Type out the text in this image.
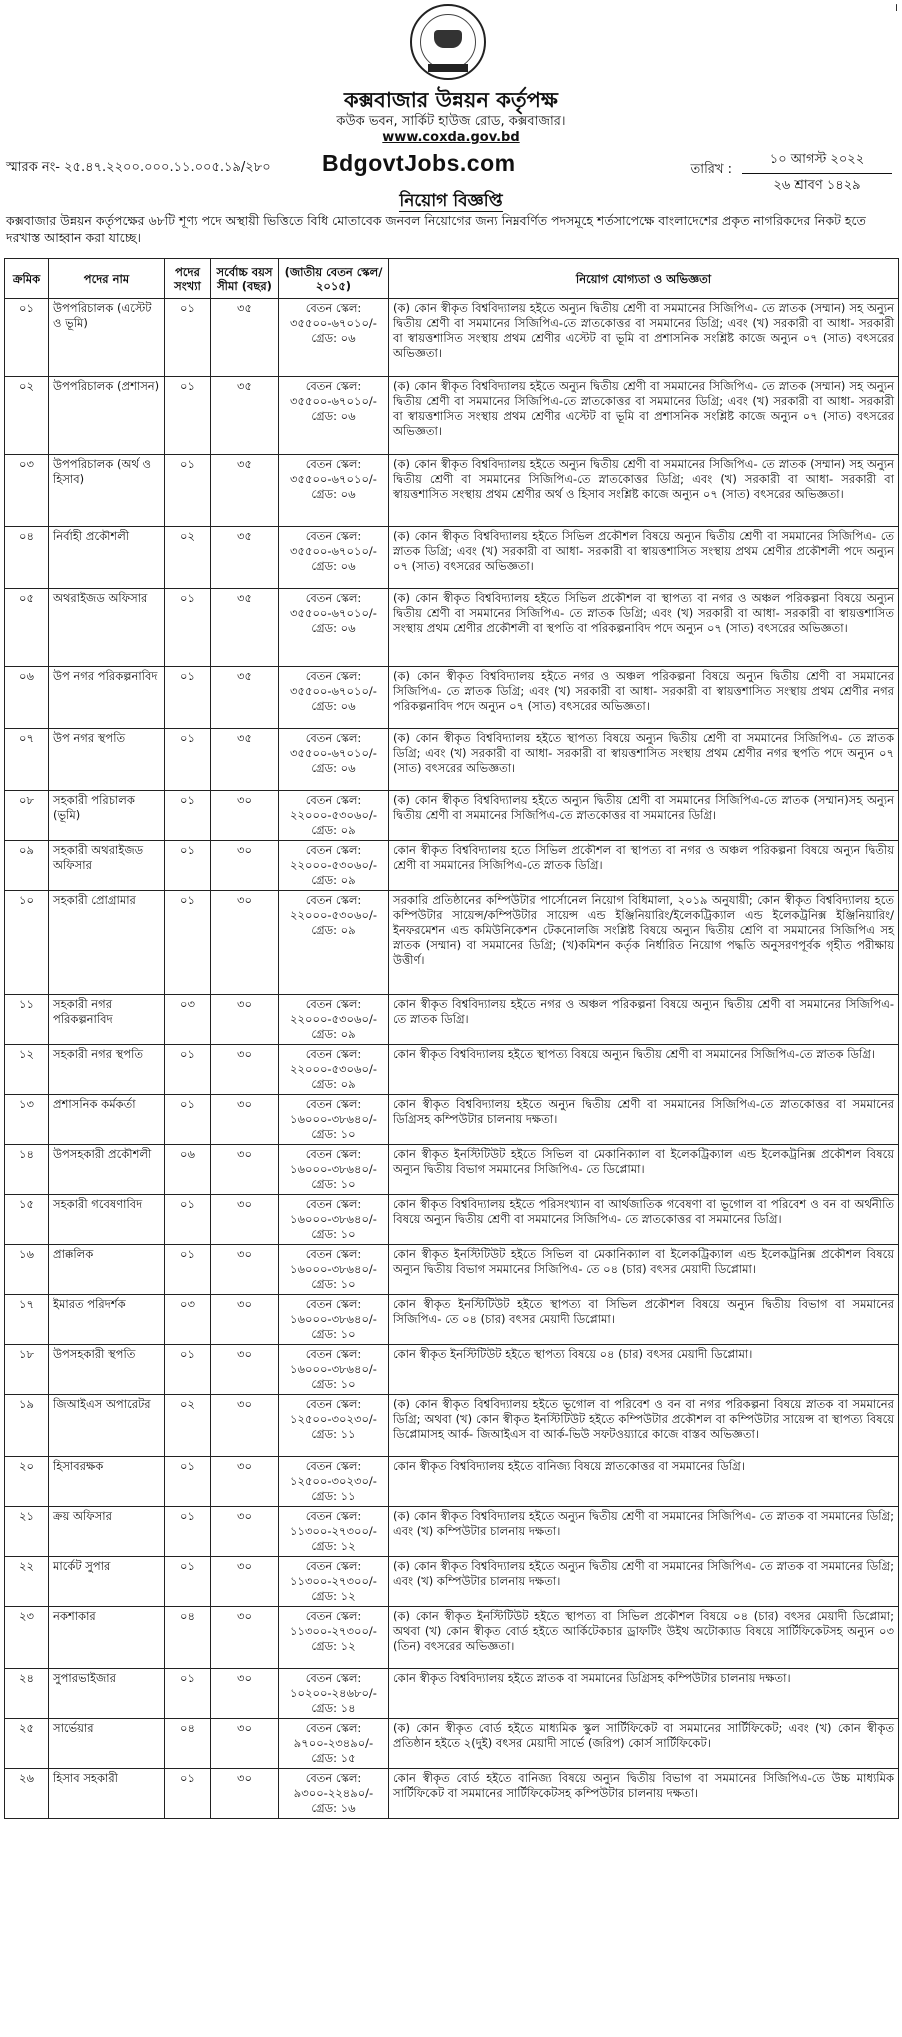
।
কক্সবাজার উন্নয়ন কর্তৃপক্ষ
কউক ভবন, সার্কিট হাউজ রোড, কক্সবাজার।
www.coxda.gov.bd
স্মারক নং- ২৫.৪৭.২২০০.০০০.১১.০০৫.১৯/২৮০ BdgovtJobs.com	তারিখ :
১০ আগস্ট ২০২২
২৬ শ্রাবণ ১৪২৯
নিয়োগ বিজ্ঞপ্তি
কক্সবাজার উন্নয়ন কর্তৃপক্ষের ৬৮টি শূণ্য পদে অস্থায়ী ভিত্তিতে বিধি মোতাবেক জনবল নিয়োগের জন্য নিম্নবর্ণিত পদসমূহে শর্তসাপেক্ষে বাংলাদেশের প্রকৃত নাগরিকদের নিকট হতে দরখাস্ত আহ্বান করা যাচ্ছে।
ক্রমিক	পদের নাম	পদের সংখ্যা	সর্বোচ্চ বয়স সীমা (বছর)	(জাতীয় বেতন স্কেল/২০১৫)	নিয়োগ যোগ্যতা ও অভিজ্ঞতা
০১	উপপরিচালক (এস্টেট ও ভূমি)	০১	৩৫	বেতন স্কেল: ৩৫৫০০-৬৭০১০/- গ্রেড: ০৬	(ক) কোন স্বীকৃত বিশ্ববিদ্যালয় হইতে অন্যুন দ্বিতীয় শ্রেণী বা সমমানের সিজিপিএ- তে স্নাতক (সম্মান) সহ অন্যুন দ্বিতীয় শ্রেণী বা সমমানের সিজিপিএ-তে স্নাতকোত্তর বা সমমানের ডিগ্রি; এবং (খ) সরকারী বা আধা- সরকারী বা স্বায়ত্তশাসিত সংস্থায় প্রথম শ্রেণীর এস্টেট বা ভূমি বা প্রশাসনিক সংশ্লিষ্ট কাজে অন্যুন ০৭ (সাত) বৎসরের অভিজ্ঞতা।
০২	উপপরিচালক (প্রশাসন)	০১	৩৫	বেতন স্কেল: ৩৫৫০০-৬৭০১০/- গ্রেড: ০৬	(ক) কোন স্বীকৃত বিশ্ববিদ্যালয় হইতে অন্যুন দ্বিতীয় শ্রেণী বা সমমানের সিজিপিএ- তে স্নাতক (সম্মান) সহ অন্যুন দ্বিতীয় শ্রেণী বা সমমানের সিজিপিএ-তে স্নাতকোত্তর বা সমমানের ডিগ্রি; এবং (খ) সরকারী বা আধা- সরকারী বা স্বায়ত্তশাসিত সংস্থায় প্রথম শ্রেণীর এস্টেট বা ভূমি বা প্রশাসনিক সংশ্লিষ্ট কাজে অন্যুন ০৭ (সাত) বৎসরের অভিজ্ঞতা।
০৩	উপপরিচালক (অর্থ ও হিসাব)	০১	৩৫	বেতন স্কেল: ৩৫৫০০-৬৭০১০/- গ্রেড: ০৬	(ক) কোন স্বীকৃত বিশ্ববিদ্যালয় হইতে অন্যুন দ্বিতীয় শ্রেণী বা সমমানের সিজিপিএ- তে স্নাতক (সম্মান) সহ অন্যুন দ্বিতীয় শ্রেণী বা সমমানের সিজিপিএ-তে স্নাতকোত্তর ডিগ্রি; এবং (খ) সরকারী বা আধা- সরকারী বা স্বায়ত্তশাসিত সংস্থায় প্রথম শ্রেণীর অর্থ ও হিসাব সংশ্লিষ্ট কাজে অন্যুন ০৭ (সাত) বৎসরের অভিজ্ঞতা।
০৪	নির্বাহী প্রকৌশলী	০২	৩৫	বেতন স্কেল: ৩৫৫০০-৬৭০১০/- গ্রেড: ০৬	(ক) কোন স্বীকৃত বিশ্ববিদ্যালয় হইতে সিভিল প্রকৌশল বিষয়ে অন্যুন দ্বিতীয় শ্রেণী বা সমমানের সিজিপিএ- তে স্নাতক ডিগ্রি; এবং (খ) সরকারী বা আধা- সরকারী বা স্বায়ত্তশাসিত সংস্থায় প্রথম শ্রেণীর প্রকৌশলী পদে অন্যুন ০৭ (সাত) বৎসরের অভিজ্ঞতা।
০৫	অথরাইজড অফিসার	০১	৩৫	বেতন স্কেল: ৩৫৫০০-৬৭০১০/- গ্রেড: ০৬	(ক) কোন স্বীকৃত বিশ্ববিদ্যালয় হইতে সিভিল প্রকৌশল বা স্থাপত্য বা নগর ও অঞ্চল পরিকল্পনা বিষয়ে অন্যুন দ্বিতীয় শ্রেণী বা সমমানের সিজিপিএ- তে স্নাতক ডিগ্রি; এবং (খ) সরকারী বা আধা- সরকারী বা স্বায়ত্তশাসিত সংস্থায় প্রথম শ্রেণীর প্রকৌশলী বা স্থপতি বা পরিকল্পনাবিদ পদে অন্যুন ০৭ (সাত) বৎসরের অভিজ্ঞতা।
০৬	উপ নগর পরিকল্পনাবিদ	০১	৩৫	বেতন স্কেল: ৩৫৫০০-৬৭০১০/- গ্রেড: ০৬	(ক) কোন স্বীকৃত বিশ্ববিদ্যালয় হইতে নগর ও অঞ্চল পরিকল্পনা বিষয়ে অন্যুন দ্বিতীয় শ্রেণী বা সমমানের সিজিপিএ- তে স্নাতক ডিগ্রি; এবং (খ) সরকারী বা আধা- সরকারী বা স্বায়ত্তশাসিত সংস্থায় প্রথম শ্রেণীর নগর পরিকল্পনাবিদ পদে অন্যুন ০৭ (সাত) বৎসরের অভিজ্ঞতা।
০৭	উপ নগর স্থপতি	০১	৩৫	বেতন স্কেল: ৩৫৫০০-৬৭০১০/- গ্রেড: ০৬	(ক) কোন স্বীকৃত বিশ্ববিদ্যালয় হইতে স্থাপত্য বিষয়ে অন্যুন দ্বিতীয় শ্রেণী বা সমমানের সিজিপিএ- তে স্নাতক ডিগ্রি; এবং (খ) সরকারী বা আধা- সরকারী বা স্বায়ত্তশাসিত সংস্থায় প্রথম শ্রেণীর নগর স্থপতি পদে অন্যুন ০৭ (সাত) বৎসরের অভিজ্ঞতা।
০৮	সহকারী পরিচালক (ভূমি)	০১	৩০	বেতন স্কেল: ২২০০০-৫৩০৬০/- গ্রেড: ০৯	(ক) কোন স্বীকৃত বিশ্ববিদ্যালয় হইতে অন্যুন দ্বিতীয় শ্রেণী বা সমমানের সিজিপিএ-তে স্নাতক (সম্মান)সহ অন্যুন দ্বিতীয় শ্রেণী বা সমমানের সিজিপিএ-তে স্নাতকোত্তর বা সমমানের ডিগ্রি।
০৯	সহকারী অথরাইজড অফিসার	০১	৩০	বেতন স্কেল: ২২০০০-৫৩০৬০/- গ্রেড: ০৯	কোন স্বীকৃত বিশ্ববিদ্যালয় হতে সিভিল প্রকৌশল বা স্থাপত্য বা নগর ও অঞ্চল পরিকল্পনা বিষয়ে অন্যুন দ্বিতীয় শ্রেণী বা সমমানের সিজিপিএ-তে স্নাতক ডিগ্রি।
১০	সহকারী প্রোগ্রামার	০১	৩০	বেতন স্কেল: ২২০০০-৫৩০৬০/- গ্রেড: ০৯	সরকারি প্রতিষ্ঠানের কম্পিউটার পার্সোনেল নিয়োগ বিধিমালা, ২০১৯ অনুযায়ী; কোন স্বীকৃত বিশ্ববিদ্যালয় হতে কম্পিউটার সায়েন্স/কম্পিউটার সায়েন্স এন্ড ইঞ্জিনিয়ারিং/ইলেকট্রিক্যাল এন্ড ইলেকট্রনিক্স ইঞ্জিনিয়ারিং/ইনফরমেশন এন্ড কমিউনিকেশন টেকনোলজি সংশ্লিষ্ট বিষয়ে অন্যুন দ্বিতীয় শ্রেণি বা সমমানের সিজিপিএ সহ স্নাতক (সম্মান) বা সমমানের ডিগ্রি; (খ)কমিশন কর্তৃক নির্ধারিত নিয়োগ পদ্ধতি অনুসরণপূর্বক গৃহীত পরীক্ষায় উত্তীর্ণ।
১১	সহকারী নগর পরিকল্পনাবিদ	০৩	৩০	বেতন স্কেল: ২২০০০-৫৩০৬০/- গ্রেড: ০৯	কোন স্বীকৃত বিশ্ববিদ্যালয় হইতে নগর ও অঞ্চল পরিকল্পনা বিষয়ে অন্যুন দ্বিতীয় শ্রেণী বা সমমানের সিজিপিএ-তে স্নাতক ডিগ্রি।
১২	সহকারী নগর স্থপতি	০১	৩০	বেতন স্কেল: ২২০০০-৫৩০৬০/- গ্রেড: ০৯	কোন স্বীকৃত বিশ্ববিদ্যালয় হইতে স্থাপত্য বিষয়ে অন্যুন দ্বিতীয় শ্রেণী বা সমমানের সিজিপিএ-তে স্নাতক ডিগ্রি।
১৩	প্রশাসনিক কর্মকর্তা	০১	৩০	বেতন স্কেল: ১৬০০০-৩৮৬৪০/- গ্রেড: ১০	কোন স্বীকৃত বিশ্ববিদ্যালয় হইতে অন্যুন দ্বিতীয় শ্রেণী বা সমমানের সিজিপিএ-তে স্নাতকোত্তর বা সমমানের ডিগ্রিসহ কম্পিউটার চালনায় দক্ষতা।
১৪	উপসহকারী প্রকৌশলী	০৬	৩০	বেতন স্কেল: ১৬০০০-৩৮৬৪০/- গ্রেড: ১০	কোন স্বীকৃত ইনস্টিটিউট হইতে সিভিল বা মেকানিক্যাল বা ইলেকট্রিক্যাল এন্ড ইলেকট্রনিক্স প্রকৌশল বিষয়ে অন্যুন দ্বিতীয় বিভাগ সমমানের সিজিপিএ- তে ডিপ্লোমা।
১৫	সহকারী গবেষণাবিদ	০১	৩০	বেতন স্কেল: ১৬০০০-৩৮৬৪০/- গ্রেড: ১০	কোন স্বীকৃত বিশ্ববিদ্যালয় হইতে পরিসংখ্যান বা আর্থজাতিক গবেষণা বা ভূগোল বা পরিবেশ ও বন বা অর্থনীতি বিষয়ে অন্যুন দ্বিতীয় শ্রেণী বা সমমানের সিজিপিএ- তে স্নাতকোত্তর বা সমমানের ডিগ্রি।
১৬	প্রাক্কলিক	০১	৩০	বেতন স্কেল: ১৬০০০-৩৮৬৪০/- গ্রেড: ১০	কোন স্বীকৃত ইনস্টিটিউট হইতে সিভিল বা মেকানিক্যাল বা ইলেকট্রিক্যাল এন্ড ইলেকট্রনিক্স প্রকৌশল বিষয়ে অন্যুন দ্বিতীয় বিভাগ সমমানের সিজিপিএ- তে ০৪ (চার) বৎসর মেয়াদী ডিপ্লোমা।
১৭	ইমারত পরিদর্শক	০৩	৩০	বেতন স্কেল: ১৬০০০-৩৮৬৪০/- গ্রেড: ১০	কোন স্বীকৃত ইনস্টিটিউট হইতে স্থাপত্য বা সিভিল প্রকৌশল বিষয়ে অন্যুন দ্বিতীয় বিভাগ বা সমমানের সিজিপিএ- তে ০৪ (চার) বৎসর মেয়াদী ডিপ্লোমা।
১৮	উপসহকারী স্থপতি	০১	৩০	বেতন স্কেল: ১৬০০০-৩৮৬৪০/- গ্রেড: ১০	কোন স্বীকৃত ইনস্টিটিউট হইতে স্থাপত্য বিষয়ে ০৪ (চার) বৎসর মেয়াদী ডিপ্লোমা।
১৯	জিআইএস অপারেটর	০২	৩০	বেতন স্কেল: ১২৫০০-৩০২৩০/- গ্রেড: ১১	(ক) কোন স্বীকৃত বিশ্ববিদ্যালয় হইতে ভূগোল বা পরিবেশ ও বন বা নগর পরিকল্পনা বিষয়ে স্নাতক বা সমমানের ডিগ্রি; অথবা (খ) কোন স্বীকৃত ইনস্টিটিউট হইতে কম্পিউটার প্রকৌশল বা কম্পিউটার সায়েন্স বা স্থাপত্য বিষয়ে ডিপ্লোমাসহ আর্ক- জিআইএস বা আর্ক-ভিউ সফটওয়্যারে কাজে বাস্তব অভিজ্ঞতা।
২০	হিসাবরক্ষক	০১	৩০	বেতন স্কেল: ১২৫০০-৩০২৩০/- গ্রেড: ১১	কোন স্বীকৃত বিশ্ববিদ্যালয় হইতে বানিজ্য বিষয়ে স্নাতকোত্তর বা সমমানের ডিগ্রি।
২১	ক্রয় অফিসার	০১	৩০	বেতন স্কেল: ১১৩০০-২৭৩০০/- গ্রেড: ১২	(ক) কোন স্বীকৃত বিশ্ববিদ্যালয় হইতে অন্যুন দ্বিতীয় শ্রেণী বা সমমানের সিজিপিএ- তে স্নাতক বা সমমানের ডিগ্রি; এবং (খ) কম্পিউটার চালনায় দক্ষতা।
২২	মার্কেট সুপার	০১	৩০	বেতন স্কেল: ১১৩০০-২৭৩০০/- গ্রেড: ১২	(ক) কোন স্বীকৃত বিশ্ববিদ্যালয় হইতে অন্যুন দ্বিতীয় শ্রেণী বা সমমানের সিজিপিএ- তে স্নাতক বা সমমানের ডিগ্রি; এবং (খ) কম্পিউটার চালনায় দক্ষতা।
২৩	নকশাকার	০৪	৩০	বেতন স্কেল: ১১৩০০-২৭৩০০/- গ্রেড: ১২	(ক) কোন স্বীকৃত ইনস্টিটিউট হইতে স্থাপত্য বা সিভিল প্রকৌশল বিষয়ে ০৪ (চার) বৎসর মেয়াদী ডিপ্লোমা; অথবা (খ) কোন স্বীকৃত বোর্ড হইতে আর্কিটেকচার ড্রাফটিং উইথ অটোক্যাড বিষয়ে সার্টিফিকেটসহ অন্যুন ০৩ (তিন) বৎসরের অভিজ্ঞতা।
২৪	সুপারভাইজার	০১	৩০	বেতন স্কেল: ১০২০০-২৪৬৮০/- গ্রেড: ১৪	কোন স্বীকৃত বিশ্ববিদ্যালয় হইতে স্নাতক বা সমমানের ডিগ্রিসহ কম্পিউটার চালনায় দক্ষতা।
২৫	সার্ভেয়ার	০৪	৩০	বেতন স্কেল: ৯৭০০-২৩৪৯০/- গ্রেড: ১৫	(ক) কোন স্বীকৃত বোর্ড হইতে মাধ্যমিক স্কুল সার্টিফিকেট বা সমমানের সার্টিফিকেট; এবং (খ) কোন স্বীকৃত প্রতিষ্ঠান হইতে ২(দুই) বৎসর মেয়াদী সার্ভে (জরিপ) কোর্স সার্টিফিকেট।
২৬	হিসাব সহকারী	০১	৩০	বেতন স্কেল: ৯৩০০-২২৪৯০/- গ্রেড: ১৬	কোন স্বীকৃত বোর্ড হইতে বানিজ্য বিষয়ে অন্যুন দ্বিতীয় বিভাগ বা সমমানের সিজিপিএ-তে উচ্চ মাধ্যমিক সার্টিফিকেট বা সমমানের সার্টিফিকেটসহ কম্পিউটার চালনায় দক্ষতা।
